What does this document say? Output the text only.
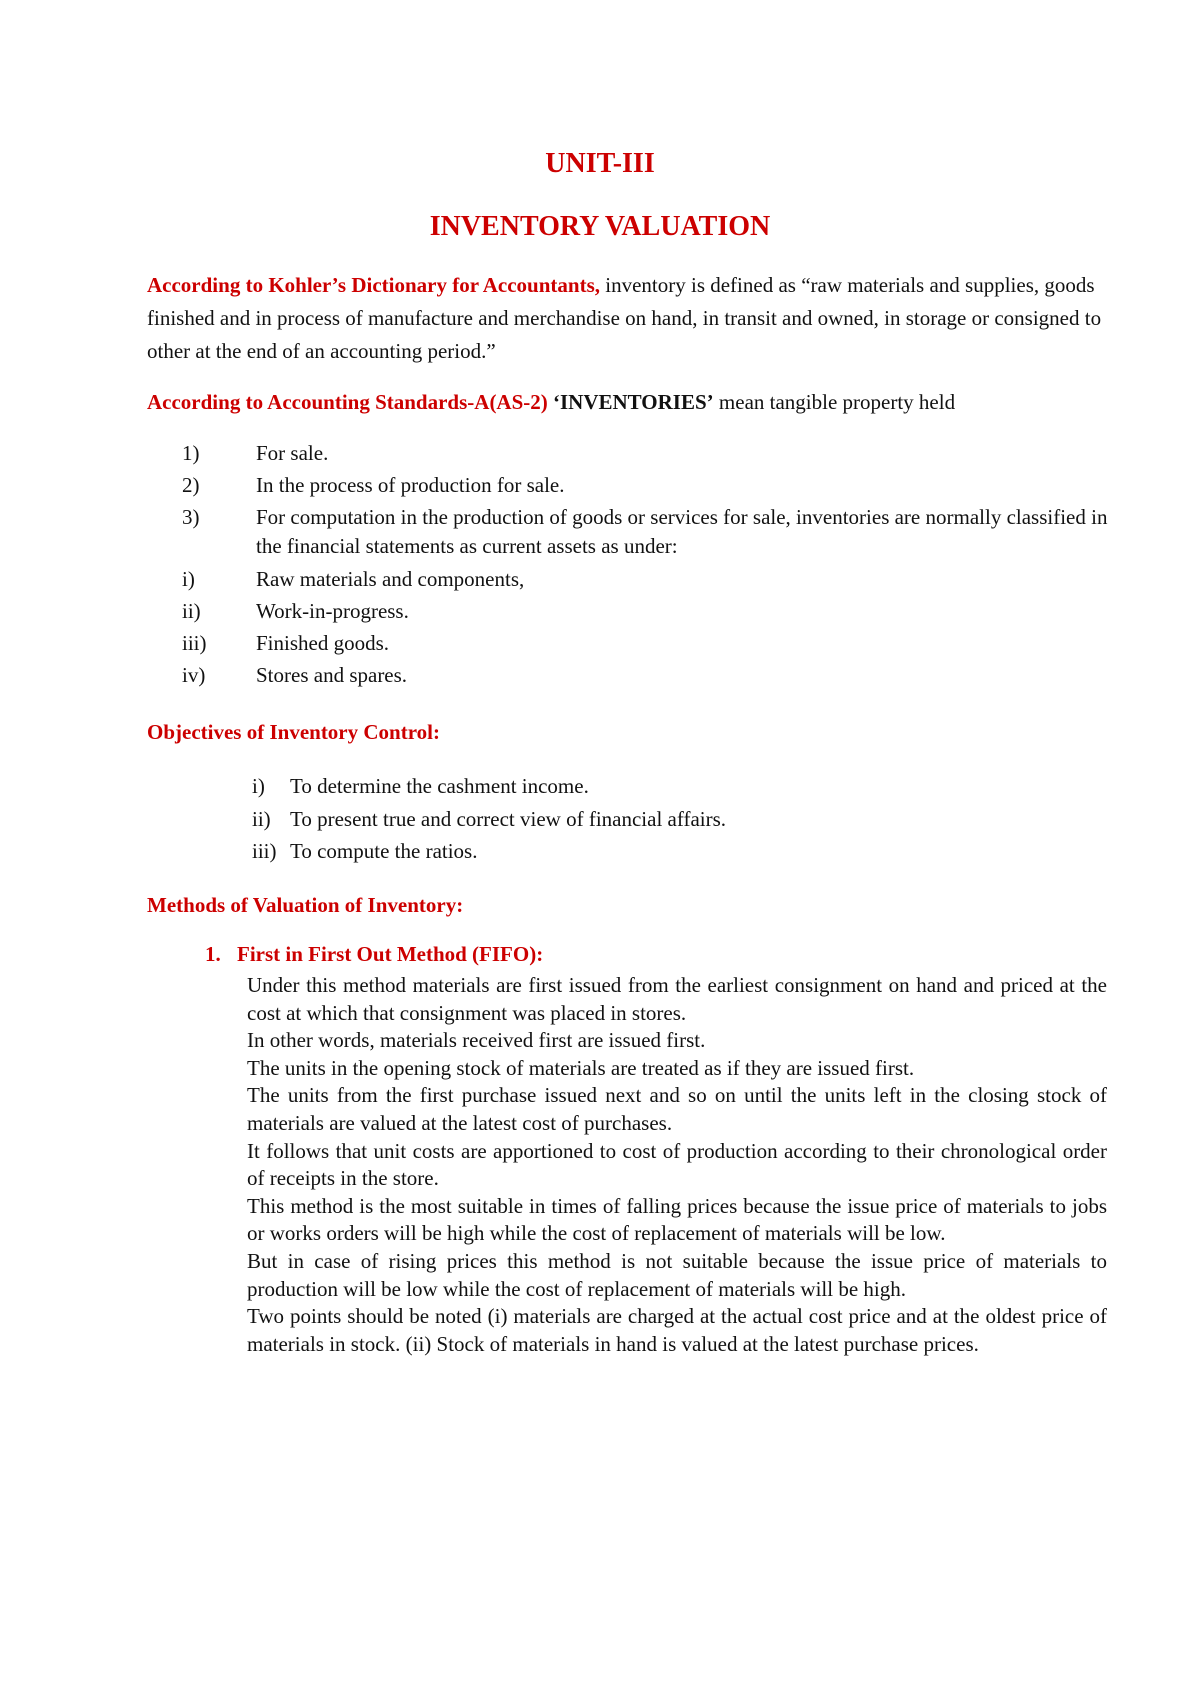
UNIT-III
INVENTORY VALUATION
According to Kohler’s Dictionary for Accountants, inventory is defined as “raw materials and supplies, goods finished and in process of manufacture and merchandise on hand, in transit and owned, in storage or consigned to other at the end of an accounting period.”
According to Accounting Standards-A(AS-2) ‘INVENTORIES’ mean tangible property held
1)	For sale.
2)	In the process of production for sale.
3)	For computation in the production of goods or services for sale, inventories are normally classified in the financial statements as current assets as under:
i)	Raw materials and components,
ii)	Work-in-progress.
iii)	Finished goods.
iv)	Stores and spares.
Objectives of Inventory Control:
i)	To determine the cashment income.
ii) To present true and correct view of financial affairs.
iii) To compute the ratios.
Methods of Valuation of Inventory:
1. First in First Out Method (FIFO):

Under this method materials are first issued from the earliest consignment on hand and priced at the cost at which that consignment was placed in stores.

In other words, materials received first are issued first.

The units in the opening stock of materials are treated as if they are issued first.

The units from the first purchase issued next and so on until the units left in the closing stock of materials are valued at the latest cost of purchases.

It follows that unit costs are apportioned to cost of production according to their chronological order of receipts in the store.

This method is the most suitable in times of falling prices because the issue price of materials to jobs or works orders will be high while the cost of replacement of materials will be low.

But in case of rising prices this method is not suitable because the issue price of materials to production will be low while the cost of replacement of materials will be high.

Two points should be noted (i) materials are charged at the actual cost price and at the oldest price of materials in stock. (ii) Stock of materials in hand is valued at the latest purchase prices.
